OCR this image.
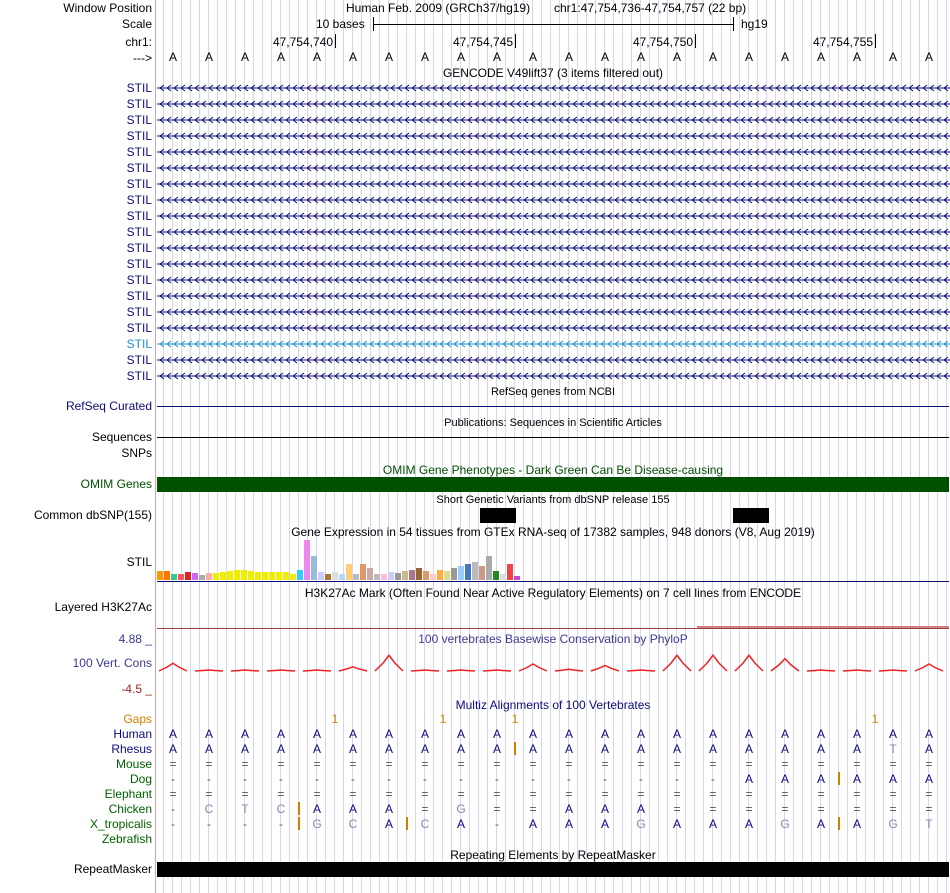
Window Position
Scale
chr1:
--->
Human Feb. 2009 (GRCh37/hg19) chr1:47,754,736-47,754,757 (22 bp)
10 bases	hg19
47,754,740	47,754,745	47,754,750	47,754,755
A A A A A A A A A A A A A A A A A A A A A A
GENCODE V49lift37 (3 items filtered out)
STIL
STIL
STIL
STIL
STIL
STIL
STIL
STIL
STIL
STIL
STIL
STIL
STIL
STIL
STIL
STIL
STIL
STIL
STIL
RefSeq genes from NCBI
RefSeq Curated
Publications: Sequences in Scientific Articles
Sequences
SNPs
OMIM Gene Phenotypes - Dark Green Can Be Disease-causing
OMIM Genes
Short Genetic Variants from dbSNP release 155
Common dbSNP(155)
Gene Expression in 54 tissues from GTEx RNA-seq of 17382 samples, 948 donors (V8, Aug 2019)
STIL
H3K27Ac Mark (Often Found Near Active Regulatory Elements) on 7 cell lines from ENCODE
Layered H3K27Ac
100 vertebrates Basewise Conservation by PhyloP
4.88 _
100 Vert. Cons
-4.5 _
Multiz Alignments of 100 Vertebrates
Gaps	1	1	1	1
Human A A A A A A A A A A A A A A A A A A A A A A
Rhesus A A A A A A A A A A A A A A A A A A A A T A
Mouse = = = = = = = = = = = = = = = = = = = = = =
Dog -	-	-	-	-	-	-	-	-	-	-	-	-	-	-	- A A A A A A
Elephant = = = = = = = = = = = = = = = = = = = = = =
Chicken - C T C A A A = G = = A A A = = = = = = = =
X_tropicalis -	-	-	- G C A C A - A A A G A A A G A A G T
Zebrafish
Repeating Elements by RepeatMasker
RepeatMasker
